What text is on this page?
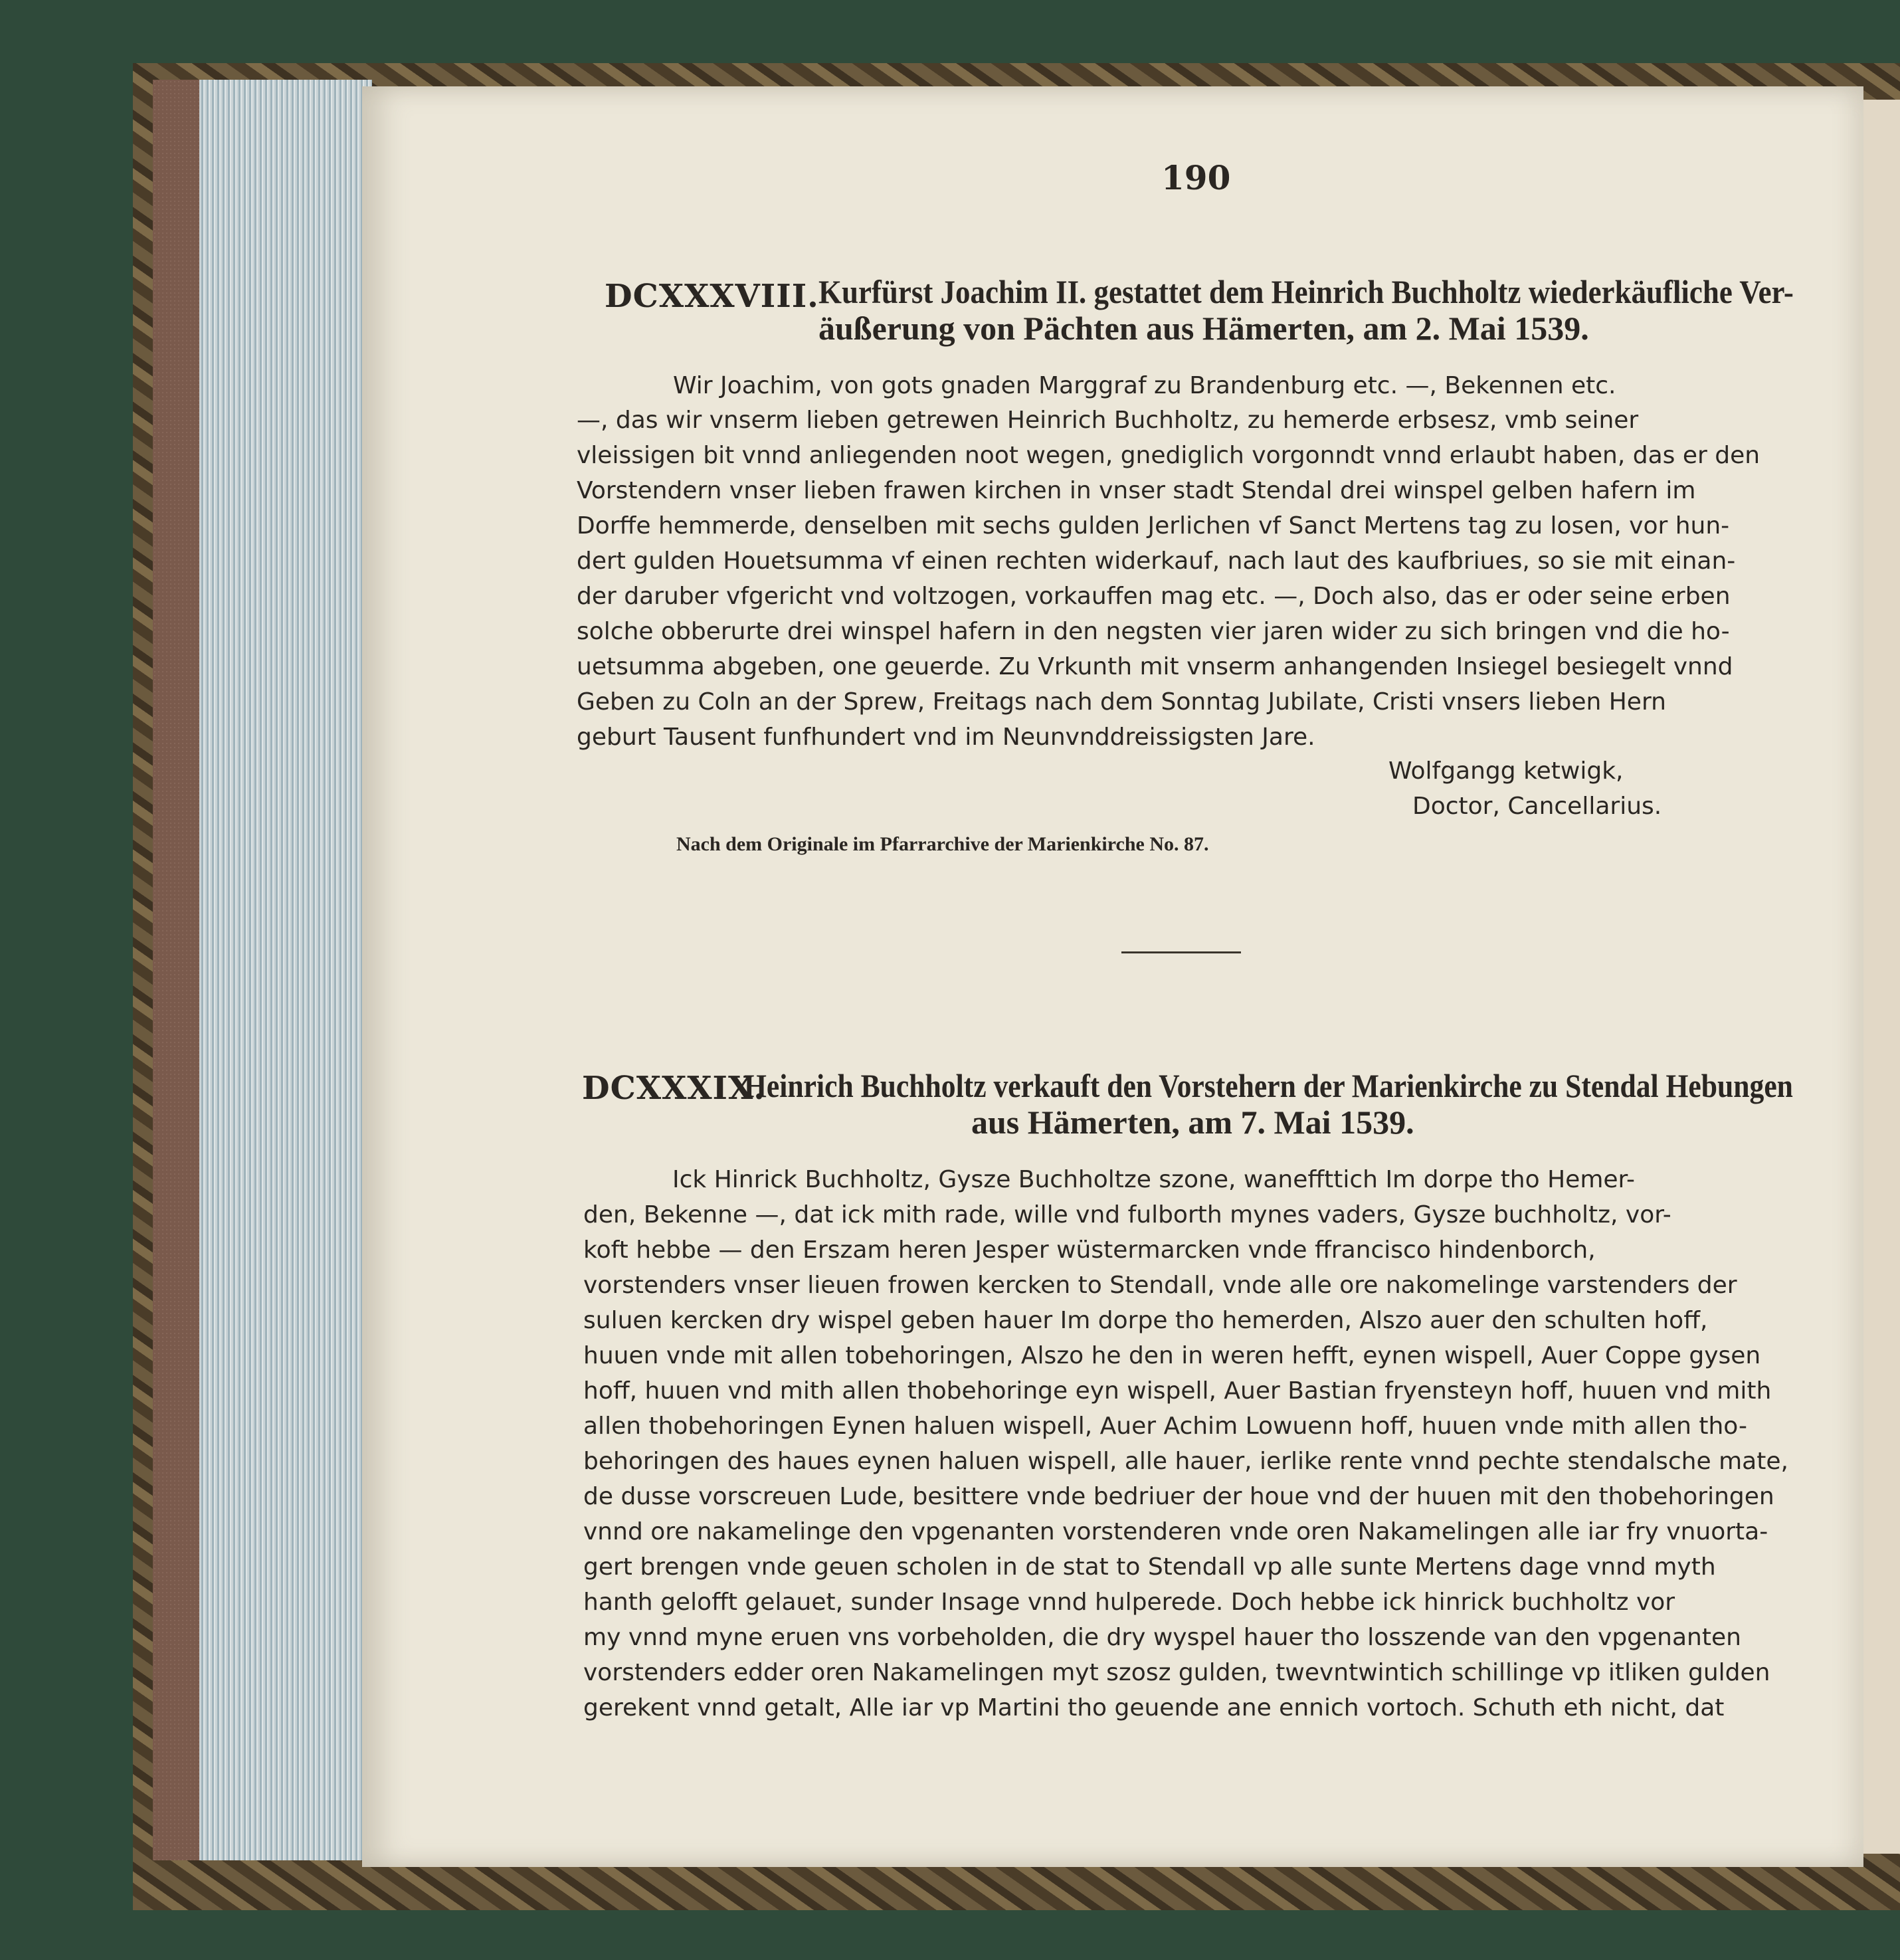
190
DCXXXVIII. Kurfürst Joachim II. gestattet dem Heinrich Buchholtz wiederkäufliche Ver-
äußerung von Pächten aus Hämerten, am 2. Mai 1539.
Wir Joachim, von gots gnaden Marggraf zu Brandenburg etc. —, Bekennen etc.
—, das wir vnserm lieben getrewen Heinrich Buchholtz, zu hemerde erbsesz, vmb seiner
vleissigen bit vnnd anliegenden noot wegen, gnediglich vorgonndt vnnd erlaubt haben, das er den
Vorstendern vnser lieben frawen kirchen in vnser stadt Stendal drei winspel gelben hafern im
Dorffe hemmerde, denselben mit sechs gulden Jerlichen vf Sanct Mertens tag zu losen, vor hun-
dert gulden Houetsumma vf einen rechten widerkauf, nach laut des kaufbriues, so sie mit einan-
der daruber vfgericht vnd voltzogen, vorkauffen mag etc. —, Doch also, das er oder seine erben
solche obberurte drei winspel hafern in den negsten vier jaren wider zu sich bringen vnd die ho-
uetsumma abgeben, one geuerde. Zu Vrkunth mit vnserm anhangenden Insiegel besiegelt vnnd
Geben zu Coln an der Sprew, Freitags nach dem Sonntag Jubilate, Cristi vnsers lieben Hern
geburt Tausent funfhundert vnd im Neunvnddreissigsten Jare.
Wolfgangg ketwigk,
Doctor, Cancellarius.
Nach dem Originale im Pfarrarchive der Marienkirche No. 87.
DCXXXIX.
Heinrich Buchholtz verkauft den Vorstehern der Marienkirche zu Stendal Hebungen
aus Hämerten, am 7. Mai 1539.
Ick Hinrick Buchholtz, Gysze Buchholtze szone, waneffttich Im dorpe tho Hemer-
den, Bekenne —, dat ick mith rade, wille vnd fulborth mynes vaders, Gysze buchholtz, vor-
koft hebbe — den Erszam heren Jesper wüstermarcken vnde ffrancisco hindenborch,
vorstenders vnser lieuen frowen kercken to Stendall, vnde alle ore nakomelinge varstenders der
suluen kercken dry wispel geben hauer Im dorpe tho hemerden, Alszo auer den schulten hoff,
huuen vnde mit allen tobehoringen, Alszo he den in weren hefft, eynen wispell, Auer Coppe gysen
hoff, huuen vnd mith allen thobehoringe eyn wispell, Auer Bastian fryensteyn hoff, huuen vnd mith
allen thobehoringen Eynen haluen wispell, Auer Achim Lowuenn hoff, huuen vnde mith allen tho-
behoringen des haues eynen haluen wispell, alle hauer, ierlike rente vnnd pechte stendalsche mate,
de dusse vorscreuen Lude, besittere vnde bedriuer der houe vnd der huuen mit den thobehoringen
vnnd ore nakamelinge den vpgenanten vorstenderen vnde oren Nakamelingen alle iar fry vnuorta-
gert brengen vnde geuen scholen in de stat to Stendall vp alle sunte Mertens dage vnnd myth
hanth gelofft gelauet, sunder Insage vnnd hulperede. Doch hebbe ick hinrick buchholtz vor
my vnnd myne eruen vns vorbeholden, die dry wyspel hauer tho losszende van den vpgenanten
vorstenders edder oren Nakamelingen myt szosz gulden, twevntwintich schillinge vp itliken gulden
gerekent vnnd getalt, Alle iar vp Martini tho geuende ane ennich vortoch. Schuth eth nicht, dat
